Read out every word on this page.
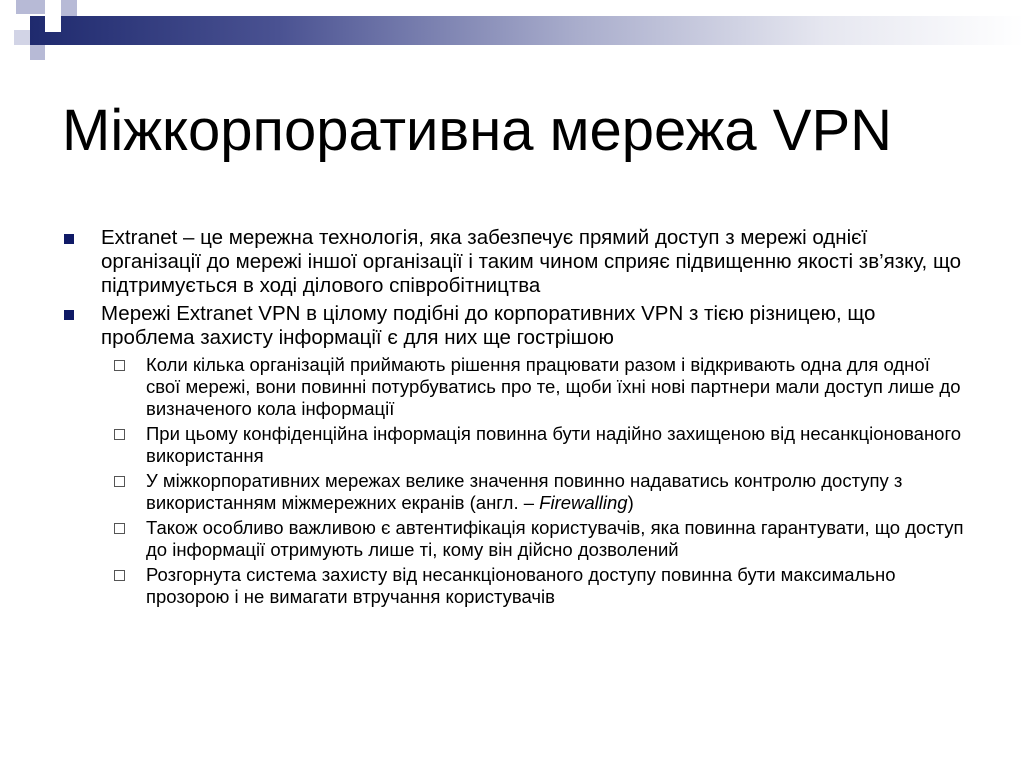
Міжкорпоративна мережа VPN
Extranet – це мережна технологія, яка забезпечує прямий доступ з мережі однієї організації до мережі іншої організації і таким чином сприяє підвищенню якості зв’язку, що підтримується в ході ділового співробітництва
Мережі Extranet VPN в цілому подібні до корпоративних VPN з тією різницею, що проблема захисту інформації є для них ще гострішою
Коли кілька організацій приймають рішення працювати разом і відкривають одна для одної свої мережі, вони повинні потурбуватись про те, щоби їхні нові партнери мали доступ лише до визначеного кола інформації
При цьому конфіденційна інформація повинна бути надійно захищеною від несанкціонованого використання
У міжкорпоративних мережах велике значення повинно надаватись контролю доступу з використанням міжмережних екранів (англ. – Firewalling)
Також особливо важливою є автентифікація користувачів, яка повинна гарантувати, що доступ до інформації отримують лише ті, кому він дійсно дозволений
Розгорнута система захисту від несанкціонованого доступу повинна бути максимально прозорою і не вимагати втручання користувачів
